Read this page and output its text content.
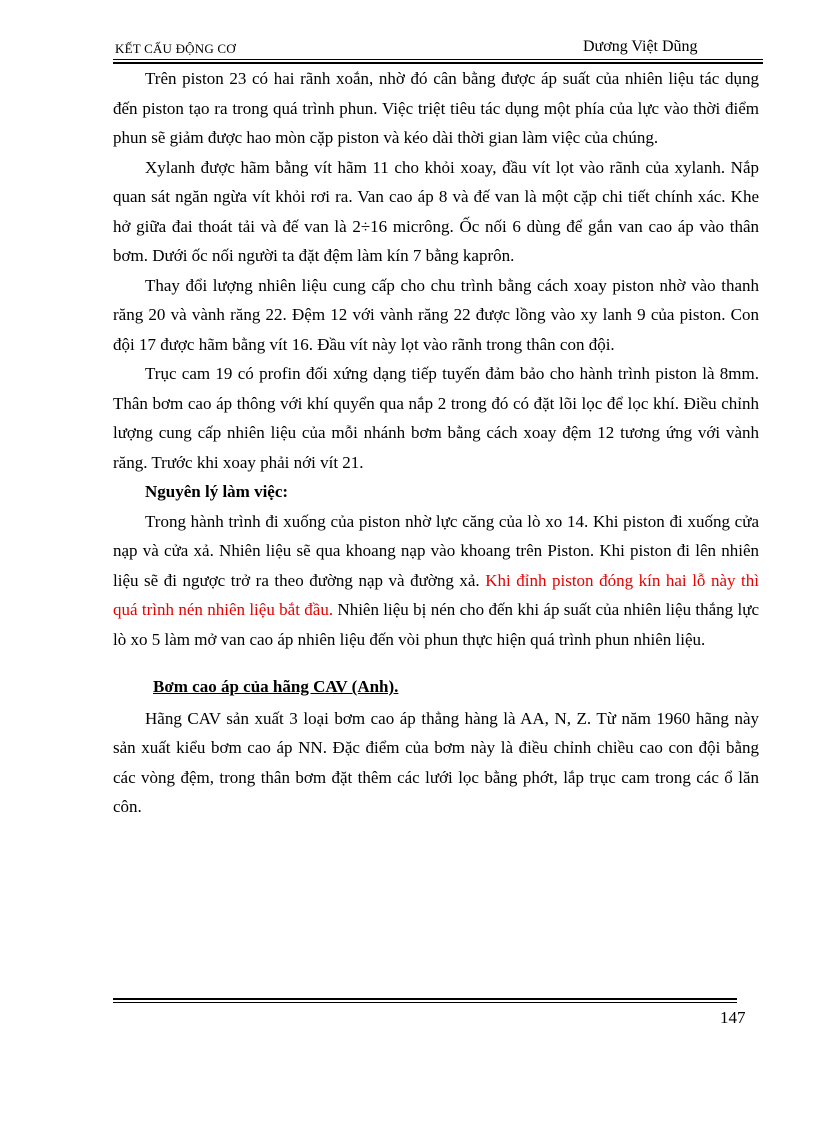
KẾT CẤU ĐỘNG CƠ	Dương Việt Dũng

Trên piston 23 có hai rãnh xoắn, nhờ đó cân bằng được áp suất của nhiên liệu tác dụng đến piston tạo ra trong quá trình phun. Việc triệt tiêu tác dụng một phía của lực vào thời điểm phun sẽ giảm được hao mòn cặp piston và kéo dài thời gian làm việc của chúng.

Xylanh được hãm bằng vít hãm 11 cho khỏi xoay, đầu vít lọt vào rãnh của xylanh. Nắp quan sát ngăn ngừa vít khỏi rơi ra. Van cao áp 8 và đế van là một cặp chi tiết chính xác. Khe hở giữa đai thoát tải và đế van là 2÷16 micrông. Ốc nối 6 dùng để gắn van cao áp vào thân bơm. Dưới ốc nối người ta đặt đệm làm kín 7 bằng kaprôn.

Thay đổi lượng nhiên liệu cung cấp cho chu trình bằng cách xoay piston nhờ vào thanh răng 20 và vành răng 22. Đệm 12 với vành răng 22 được lồng vào xy lanh 9 của piston. Con đội 17 được hãm bằng vít 16. Đầu vít này lọt vào rãnh trong thân con đội.

Trục cam 19 có profin đối xứng dạng tiếp tuyến đảm bảo cho hành trình piston là 8mm. Thân bơm cao áp thông với khí quyển qua nắp 2 trong đó có đặt lõi lọc để lọc khí. Điều chỉnh lượng cung cấp nhiên liệu của mỗi nhánh bơm bằng cách xoay đệm 12 tương ứng với vành răng. Trước khi xoay phải nới vít 21.

Nguyên lý làm việc:

Trong hành trình đi xuống của piston nhờ lực căng của lò xo 14. Khi piston đi xuống cửa nạp và cửa xả. Nhiên liệu sẽ qua khoang nạp vào khoang trên Piston. Khi piston đi lên nhiên liệu sẽ đi ngược trở ra theo đường nạp và đường xả. Khi đỉnh piston đóng kín hai lỗ này thì quá trình nén nhiên liệu bắt đầu. Nhiên liệu bị nén cho đến khi áp suất của nhiên liệu thắng lực lò xo 5 làm mở van cao áp nhiên liệu đến vòi phun thực hiện quá trình phun nhiên liệu.

Bơm cao áp của hãng CAV (Anh).

Hãng CAV sản xuất 3 loại bơm cao áp thẳng hàng là AA, N, Z. Từ năm 1960 hãng này sản xuất kiểu bơm cao áp NN. Đặc điểm của bơm này là điều chỉnh chiều cao con đội bằng các vòng đệm, trong thân bơm đặt thêm các lưới lọc bằng phớt, lắp trục cam trong các ổ lăn côn.

147
